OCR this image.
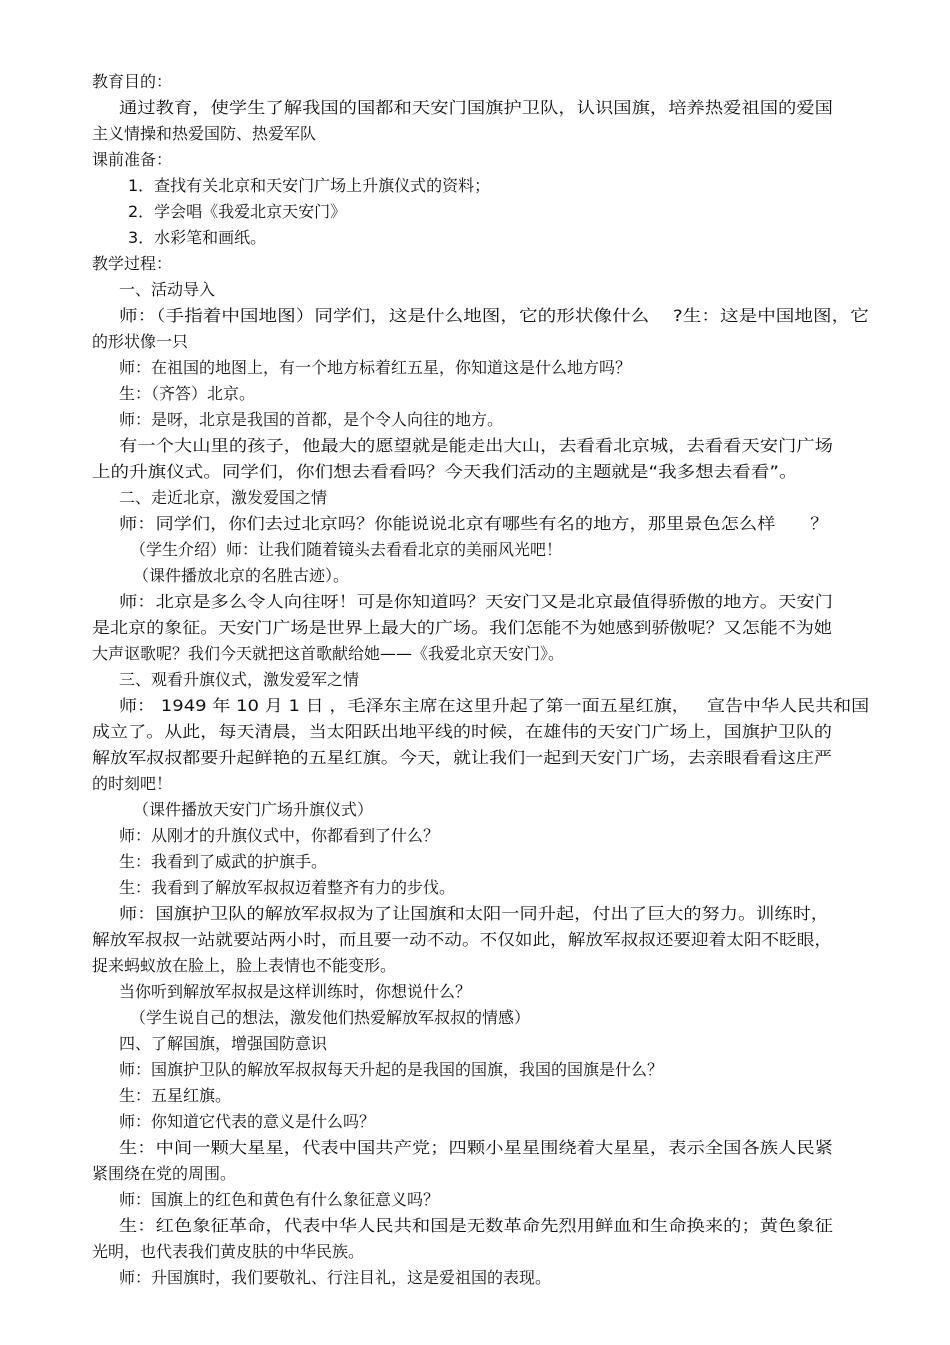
教育目的：
通过教育，使学生了解我国的国都和天安门国旗护卫队，认识国旗，培养热爱祖国的爱国
主义情操和热爱国防、热爱军队
课前准备：
1．查找有关北京和天安门广场上升旗仪式的资料；
2．学会唱《我爱北京天安门》
3．水彩笔和画纸。
教学过程：
一、活动导入
师：（手指着中国地图）同学们，这是什么地图，它的形状像什么    ?生：这是中国地图，它
的形状像一只
师：在祖国的地图上，有一个地方标着红五星，你知道这是什么地方吗？
生：（齐答）北京。
师：是呀，北京是我国的首都，是个令人向往的地方。
有一个大山里的孩子，他最大的愿望就是能走出大山，去看看北京城，去看看天安门广场
上的升旗仪式。同学们，你们想去看看吗？今天我们活动的主题就是“我多想去看看”。
二、走近北京，激发爱国之情
师：同学们，你们去过北京吗？你能说说北京有哪些有名的地方，那里景色怎么样      ？
（学生介绍）师：让我们随着镜头去看看北京的美丽风光吧！
（课件播放北京的名胜古迹）。
师：北京是多么令人向往呀！可是你知道吗？天安门又是北京最值得骄傲的地方。天安门
是北京的象征。天安门广场是世界上最大的广场。我们怎能不为她感到骄傲呢？又怎能不为她
大声讴歌呢？我们今天就把这首歌献给她——《我爱北京天安门》。
三、观看升旗仪式，激发爱军之情
师： 1949 年 10 月 1 日 ，毛泽东主席在这里升起了第一面五星红旗，   宣告中华人民共和国
成立了。从此，每天清晨，当太阳跃出地平线的时候，在雄伟的天安门广场上，国旗护卫队的
解放军叔叔都要升起鲜艳的五星红旗。今天，就让我们一起到天安门广场，去亲眼看看这庄严
的时刻吧！
（课件播放天安门广场升旗仪式）
师：从刚才的升旗仪式中，你都看到了什么？
生：我看到了威武的护旗手。
生：我看到了解放军叔叔迈着整齐有力的步伐。
师：国旗护卫队的解放军叔叔为了让国旗和太阳一同升起，付出了巨大的努力。训练时，
解放军叔叔一站就要站两小时，而且要一动不动。不仅如此，解放军叔叔还要迎着太阳不眨眼，
捉来蚂蚁放在脸上，脸上表情也不能变形。
当你听到解放军叔叔是这样训练时，你想说什么？
（学生说自己的想法，激发他们热爱解放军叔叔的情感）
四、了解国旗，增强国防意识
师：国旗护卫队的解放军叔叔每天升起的是我国的国旗，我国的国旗是什么？
生：五星红旗。
师：你知道它代表的意义是什么吗？
生：中间一颗大星星，代表中国共产党；四颗小星星围绕着大星星，表示全国各族人民紧
紧围绕在党的周围。
师：国旗上的红色和黄色有什么象征意义吗？
生：红色象征革命，代表中华人民共和国是无数革命先烈用鲜血和生命换来的；黄色象征
光明，也代表我们黄皮肤的中华民族。
师：升国旗时，我们要敬礼、行注目礼，这是爱祖国的表现。
